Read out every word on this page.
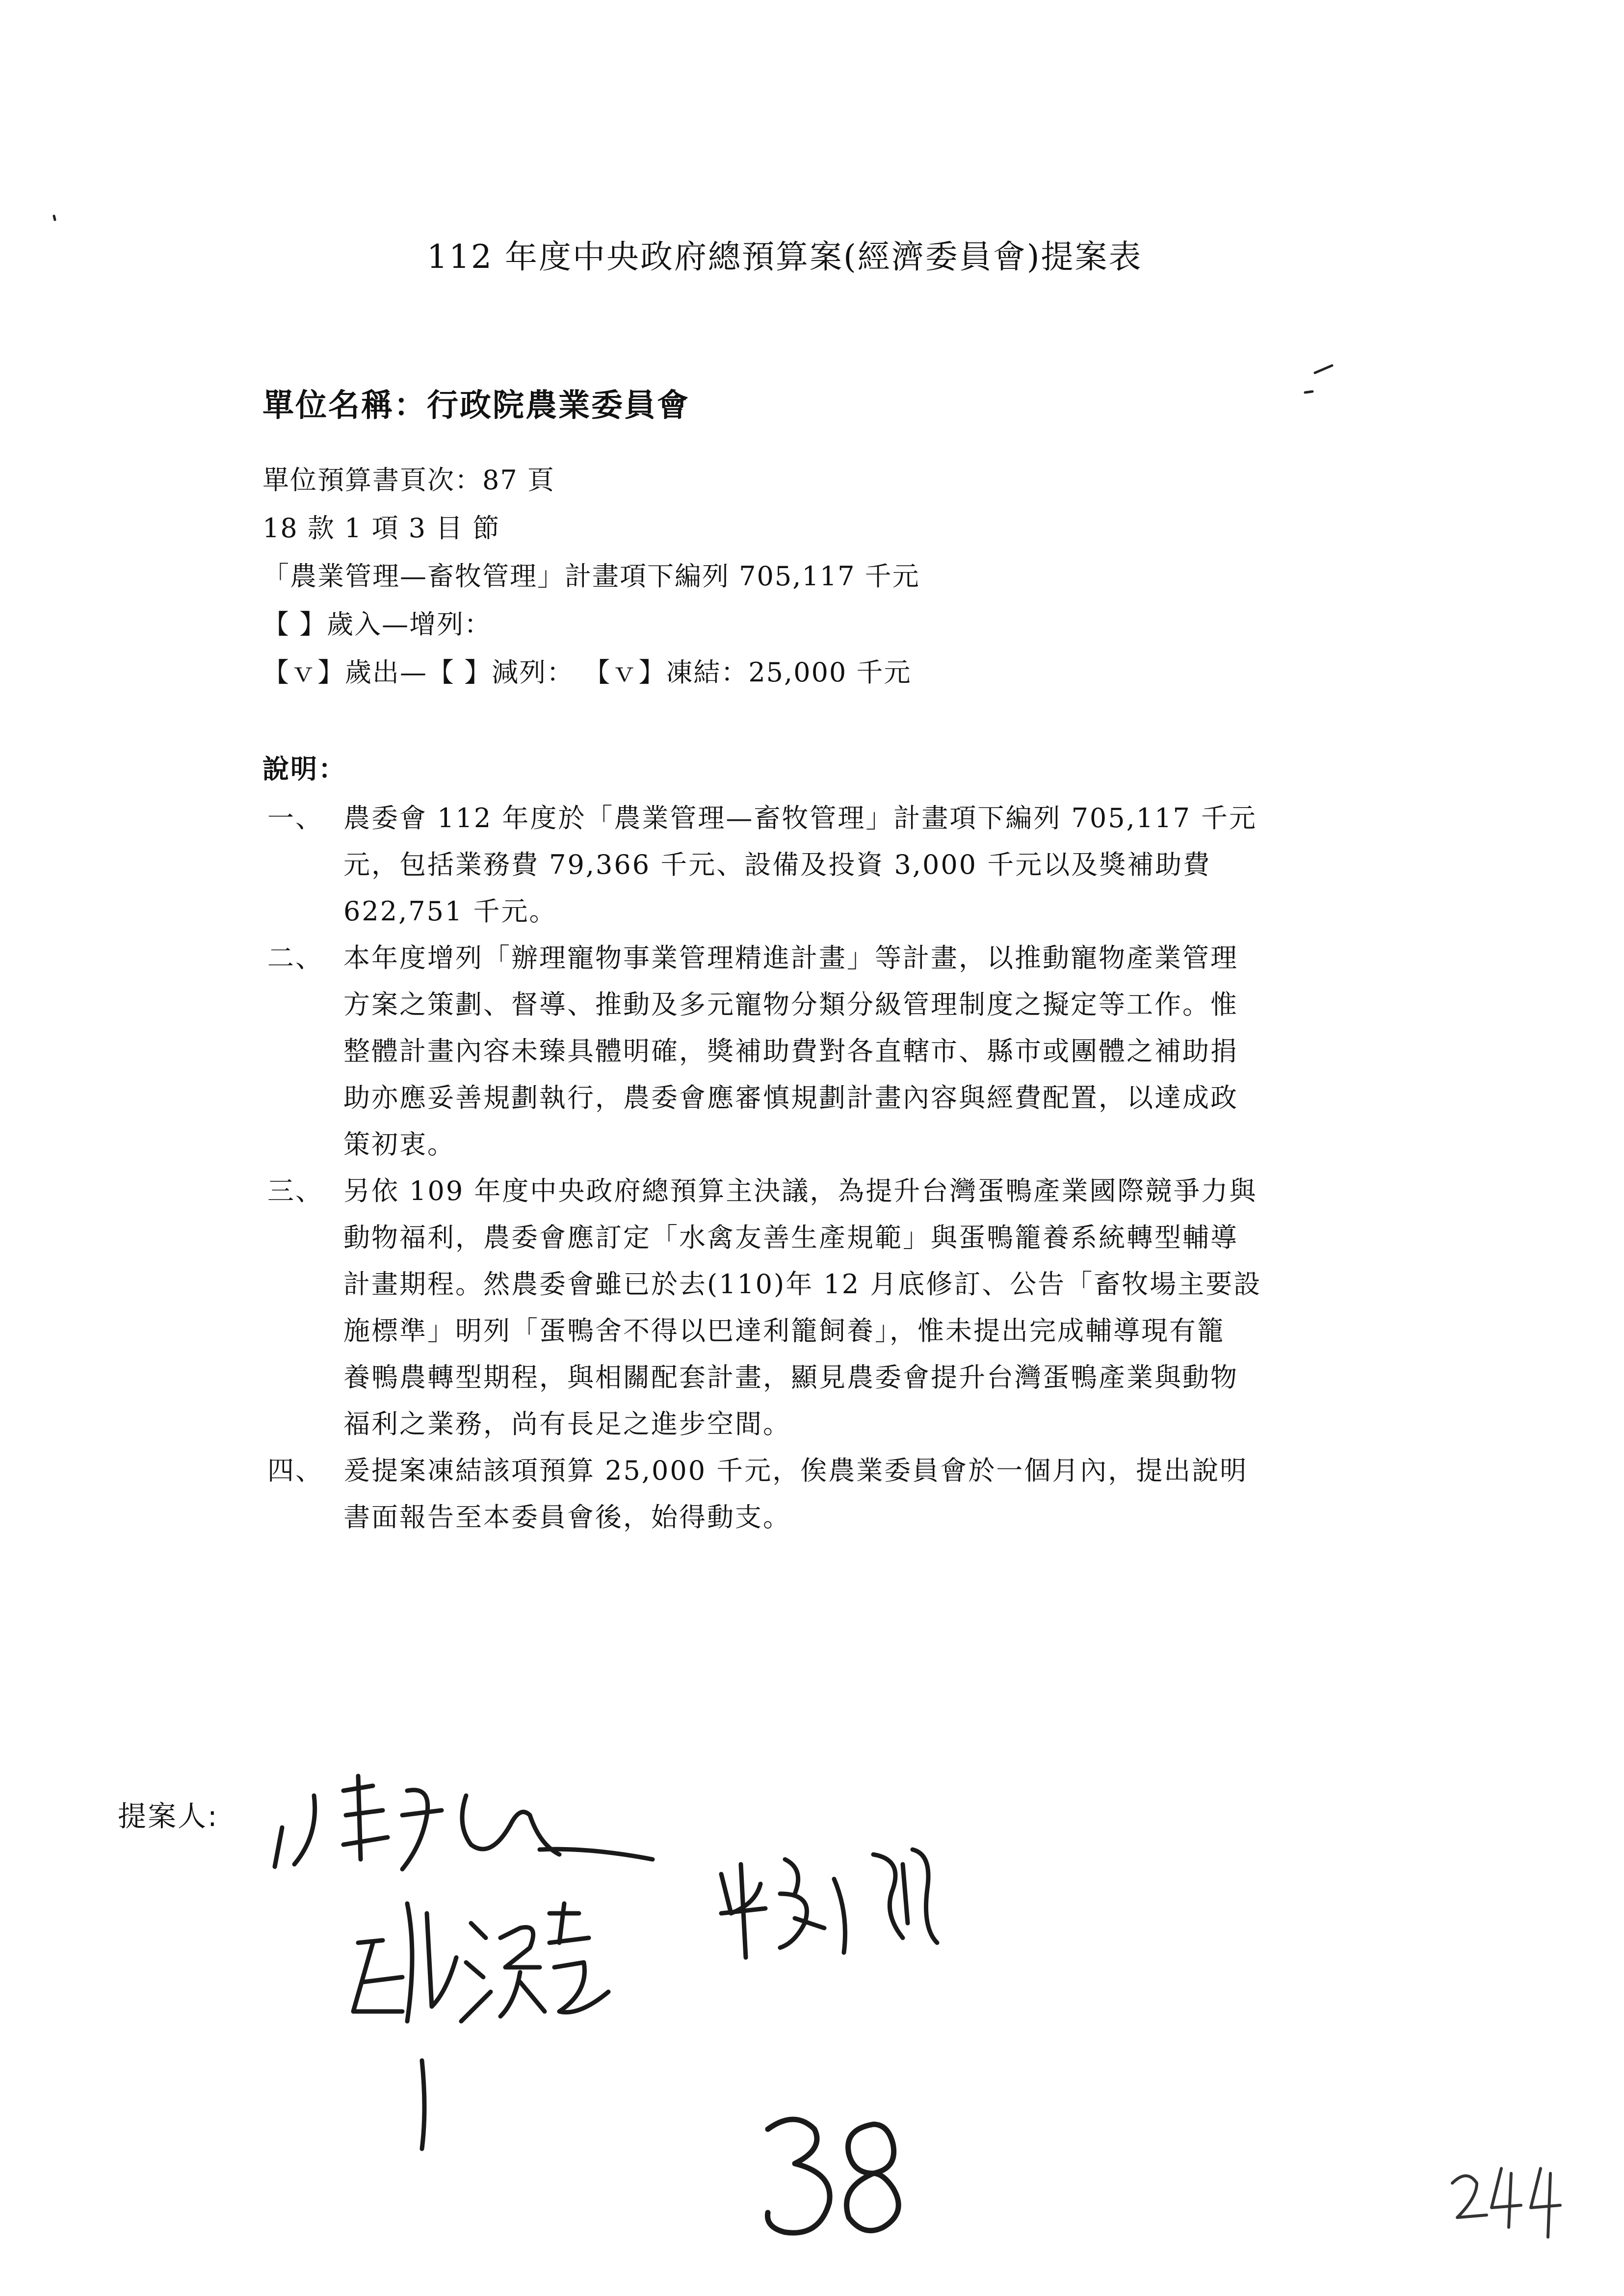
112 年度中央政府總預算案(經濟委員會)提案表
單位名稱：行政院農業委員會
單位預算書頁次：87 頁
18 款 1 項 3 目 節
「農業管理—畜牧管理」計畫項下編列 705,117 千元
【 】歲入—增列：
【ｖ】歲出—【 】減列： 【ｖ】凍結：25,000 千元
說明：
一、 農委會 112 年度於「農業管理—畜牧管理」計畫項下編列 705,117 千元
元，包括業務費 79,366 千元、設備及投資 3,000 千元以及獎補助費
622,751 千元。
二、 本年度增列「辦理寵物事業管理精進計畫」等計畫，以推動寵物產業管理
方案之策劃、督導、推動及多元寵物分類分級管理制度之擬定等工作。惟
整體計畫內容未臻具體明確，獎補助費對各直轄市、縣市或團體之補助捐
助亦應妥善規劃執行，農委會應審慎規劃計畫內容與經費配置，以達成政
策初衷。
三、 另依 109 年度中央政府總預算主決議，為提升台灣蛋鴨產業國際競爭力與
動物福利，農委會應訂定「水禽友善生產規範」與蛋鴨籠養系統轉型輔導
計畫期程。然農委會雖已於去(110)年 12 月底修訂、公告「畜牧場主要設
施標準」明列「蛋鴨舍不得以巴達利籠飼養」，惟未提出完成輔導現有籠
養鴨農轉型期程，與相關配套計畫，顯見農委會提升台灣蛋鴨產業與動物
福利之業務，尚有長足之進步空間。
四、 爰提案凍結該項預算 25,000 千元，俟農業委員會於一個月內，提出說明
書面報告至本委員會後，始得動支。
提案人:
